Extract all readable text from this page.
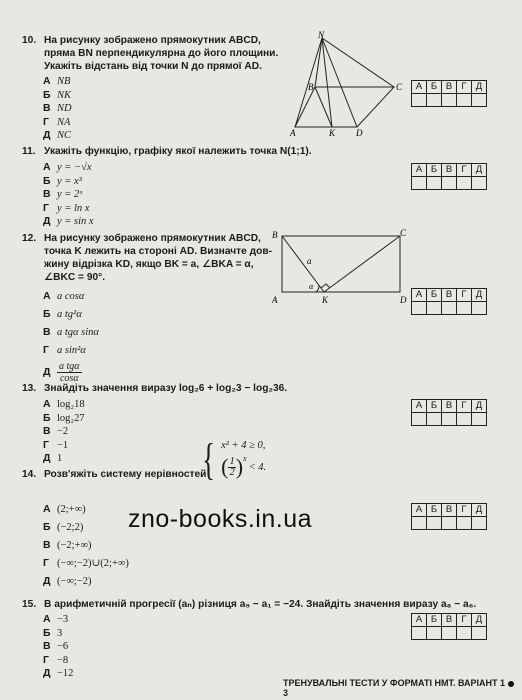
10. На рисунку зображено прямокутник ABCD,
пряма BN перпендикулярна до його площини.
Укажіть відстань від точки N до прямої AD.
А NB
Б NK
В ND
Г NA
Д NC
N
B	C
A	K D
А Б В Г Д
11. Укажіть функцію, графіку якої належить точка N(1;1).
А y = −√x
Б y = x³
В y = 2ˣ
Г y = ln x
Д y = sin x
А Б В Г Д
12. На рисунку зображено прямокутник ABCD,
точка K лежить на стороні AD. Визначте дов-
жину відрізка KD, якщо BK = a, ∠BKA = α,
∠BKC = 90°.
А a cosα
Б a tg²α
В a tgα sinα
Г a sin²α
Д a tgα
cosα
B	C
A	K	D
a
α
А Б В Г Д
13. Знайдіть значення виразу log₂6 + log₂3 − log₂36.
А log₂18
Б log₂27
В −2
Г −1
Д 1
А Б В Г Д
14. Розв'яжіть систему нерівностей
{ x² + 4 ≥ 0,
( $\frac{1}{2} )^x$
< 4.
А (2;+∞)
Б (−2;2)
В (−2;+∞)
Г (−∞;−2)∪(2;+∞)
Д (−∞;−2)
А Б В Г Д
zno-books.in.ua
15. В арифметичній прогресії (aₙ) різниця a₉ − a₁ = −24. Знайдіть значення виразу a₈ − a₆.
А −3
Б 3
В −6
Г −8
Д −12
А Б В Г Д
ТРЕНУВАЛЬНІ ТЕСТИ У ФОРМАТІ НМТ. ВАРІАНТ 13
